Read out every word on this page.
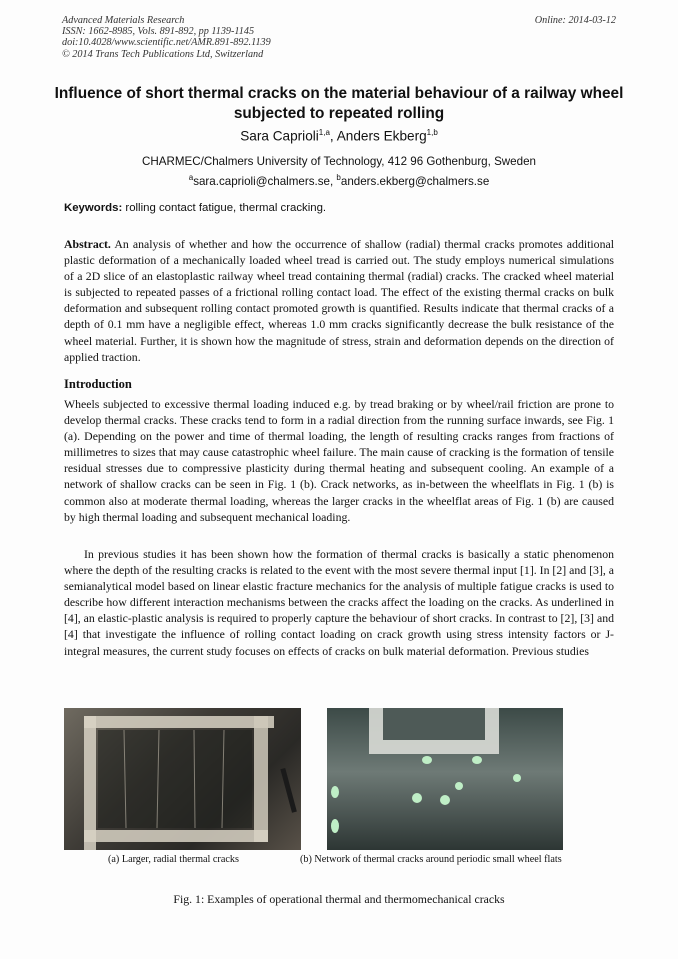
Advanced Materials Research
ISSN: 1662-8985, Vols. 891-892, pp 1139-1145
doi:10.4028/www.scientific.net/AMR.891-892.1139
© 2014 Trans Tech Publications Ltd, Switzerland
Online: 2014-03-12
Influence of short thermal cracks on the material behaviour of a railway wheel subjected to repeated rolling
Sara Caprioli$^{1,a}$, Anders Ekberg$^{1,b}$
CHARMEC/Chalmers University of Technology, 412 96 Gothenburg, Sweden
$^a$sara.caprioli@chalmers.se, $^b$anders.ekberg@chalmers.se
Keywords: rolling contact fatigue, thermal cracking.
Abstract. An analysis of whether and how the occurrence of shallow (radial) thermal cracks promotes additional plastic deformation of a mechanically loaded wheel tread is carried out. The study employs numerical simulations of a 2D slice of an elastoplastic railway wheel tread containing thermal (radial) cracks. The cracked wheel material is subjected to repeated passes of a frictional rolling contact load. The effect of the existing thermal cracks on bulk deformation and subsequent rolling contact promoted growth is quantified. Results indicate that thermal cracks of a depth of 0.1 mm have a negligible effect, whereas 1.0 mm cracks significantly decrease the bulk resistance of the wheel material. Further, it is shown how the magnitude of stress, strain and deformation depends on the direction of applied traction.
Introduction
Wheels subjected to excessive thermal loading induced e.g. by tread braking or by wheel/rail friction are prone to develop thermal cracks. These cracks tend to form in a radial direction from the running surface inwards, see Fig. 1 (a). Depending on the power and time of thermal loading, the length of resulting cracks ranges from fractions of millimetres to sizes that may cause catastrophic wheel failure. The main cause of cracking is the formation of tensile residual stresses due to compressive plasticity during thermal heating and subsequent cooling. An example of a network of shallow cracks can be seen in Fig. 1 (b). Crack networks, as in-between the wheelflats in Fig. 1 (b) is common also at moderate thermal loading, whereas the larger cracks in the wheelflat areas of Fig. 1 (b) are caused by high thermal loading and subsequent mechanical loading.
In previous studies it has been shown how the formation of thermal cracks is basically a static phenomenon where the depth of the resulting cracks is related to the event with the most severe thermal input [1]. In [2] and [3], a semianalytical model based on linear elastic fracture mechanics for the analysis of multiple fatigue cracks is used to describe how different interaction mechanisms between the cracks affect the loading on the cracks. As underlined in [4], an elastic-plastic analysis is required to properly capture the behaviour of short cracks. In contrast to [2], [3] and [4] that investigate the influence of rolling contact loading on crack growth using stress intensity factors or J-integral measures, the current study focuses on effects of cracks on bulk material deformation. Previous studies
(a) Larger, radial thermal cracks	(b) Network of thermal cracks around periodic small wheel flats
Fig. 1: Examples of operational thermal and thermomechanical cracks
